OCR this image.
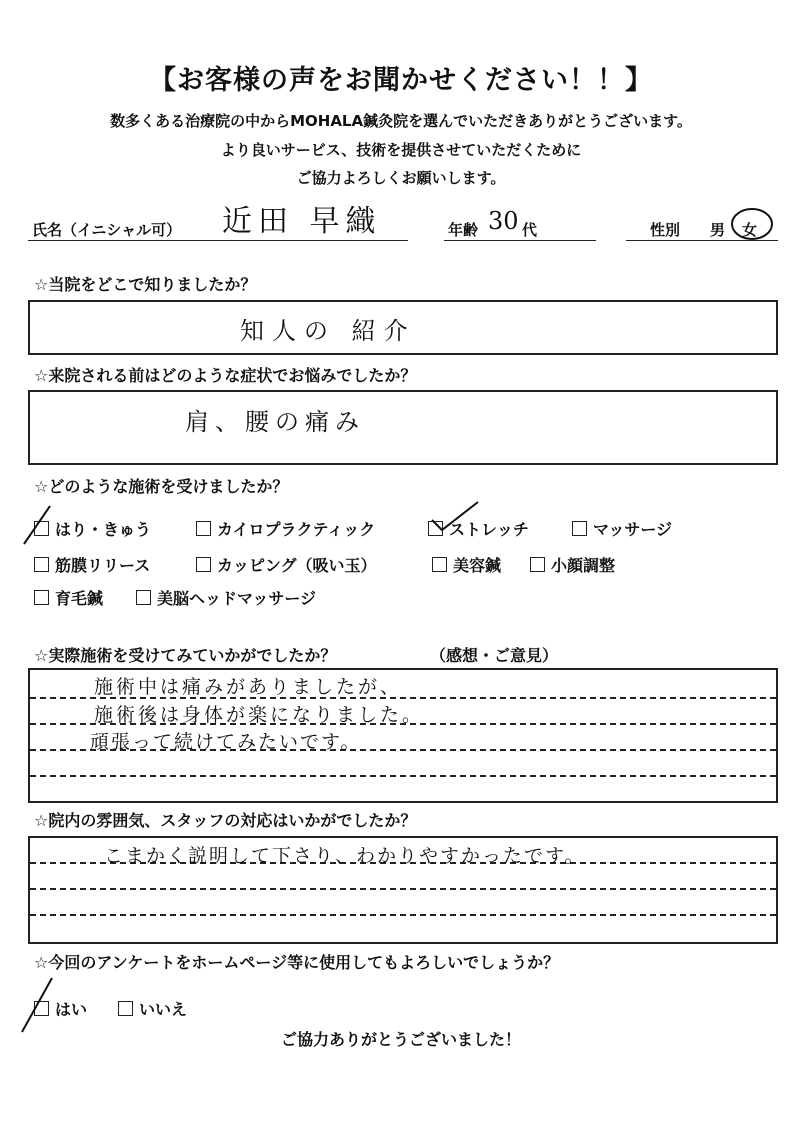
【お客様の声をお聞かせください！！】
数多くある治療院の中からMOHALA鍼灸院を選んでいただきありがとうございます。
より良いサービス、技術を提供させていただくために
ご協力よろしくお願いします。
氏名（イニシャル可） 近田 早織	年齢 30 代	性別 男 女
☆当院をどこで知りましたか？
知人の 紹介
☆来院される前はどのような症状でお悩みでしたか？
肩、腰の痛み
☆どのような施術を受けましたか？
はり・きゅう	カイロプラクティック	ストレッチ	マッサージ
筋膜リリース	カッピング（吸い玉）	美容鍼	小顔調整
育毛鍼	美脳ヘッドマッサージ
☆実際施術を受けてみていかがでしたか？	（感想・ご意見）
施術中は痛みがありましたが、
施術後は身体が楽になりました。
頑張って続けてみたいです。
☆院内の雰囲気、スタッフの対応はいかがでしたか？
こまかく説明して下さり、わかりやすかったです。
☆今回のアンケートをホームページ等に使用してもよろしいでしょうか？
はい	いいえ
ご協力ありがとうございました！
